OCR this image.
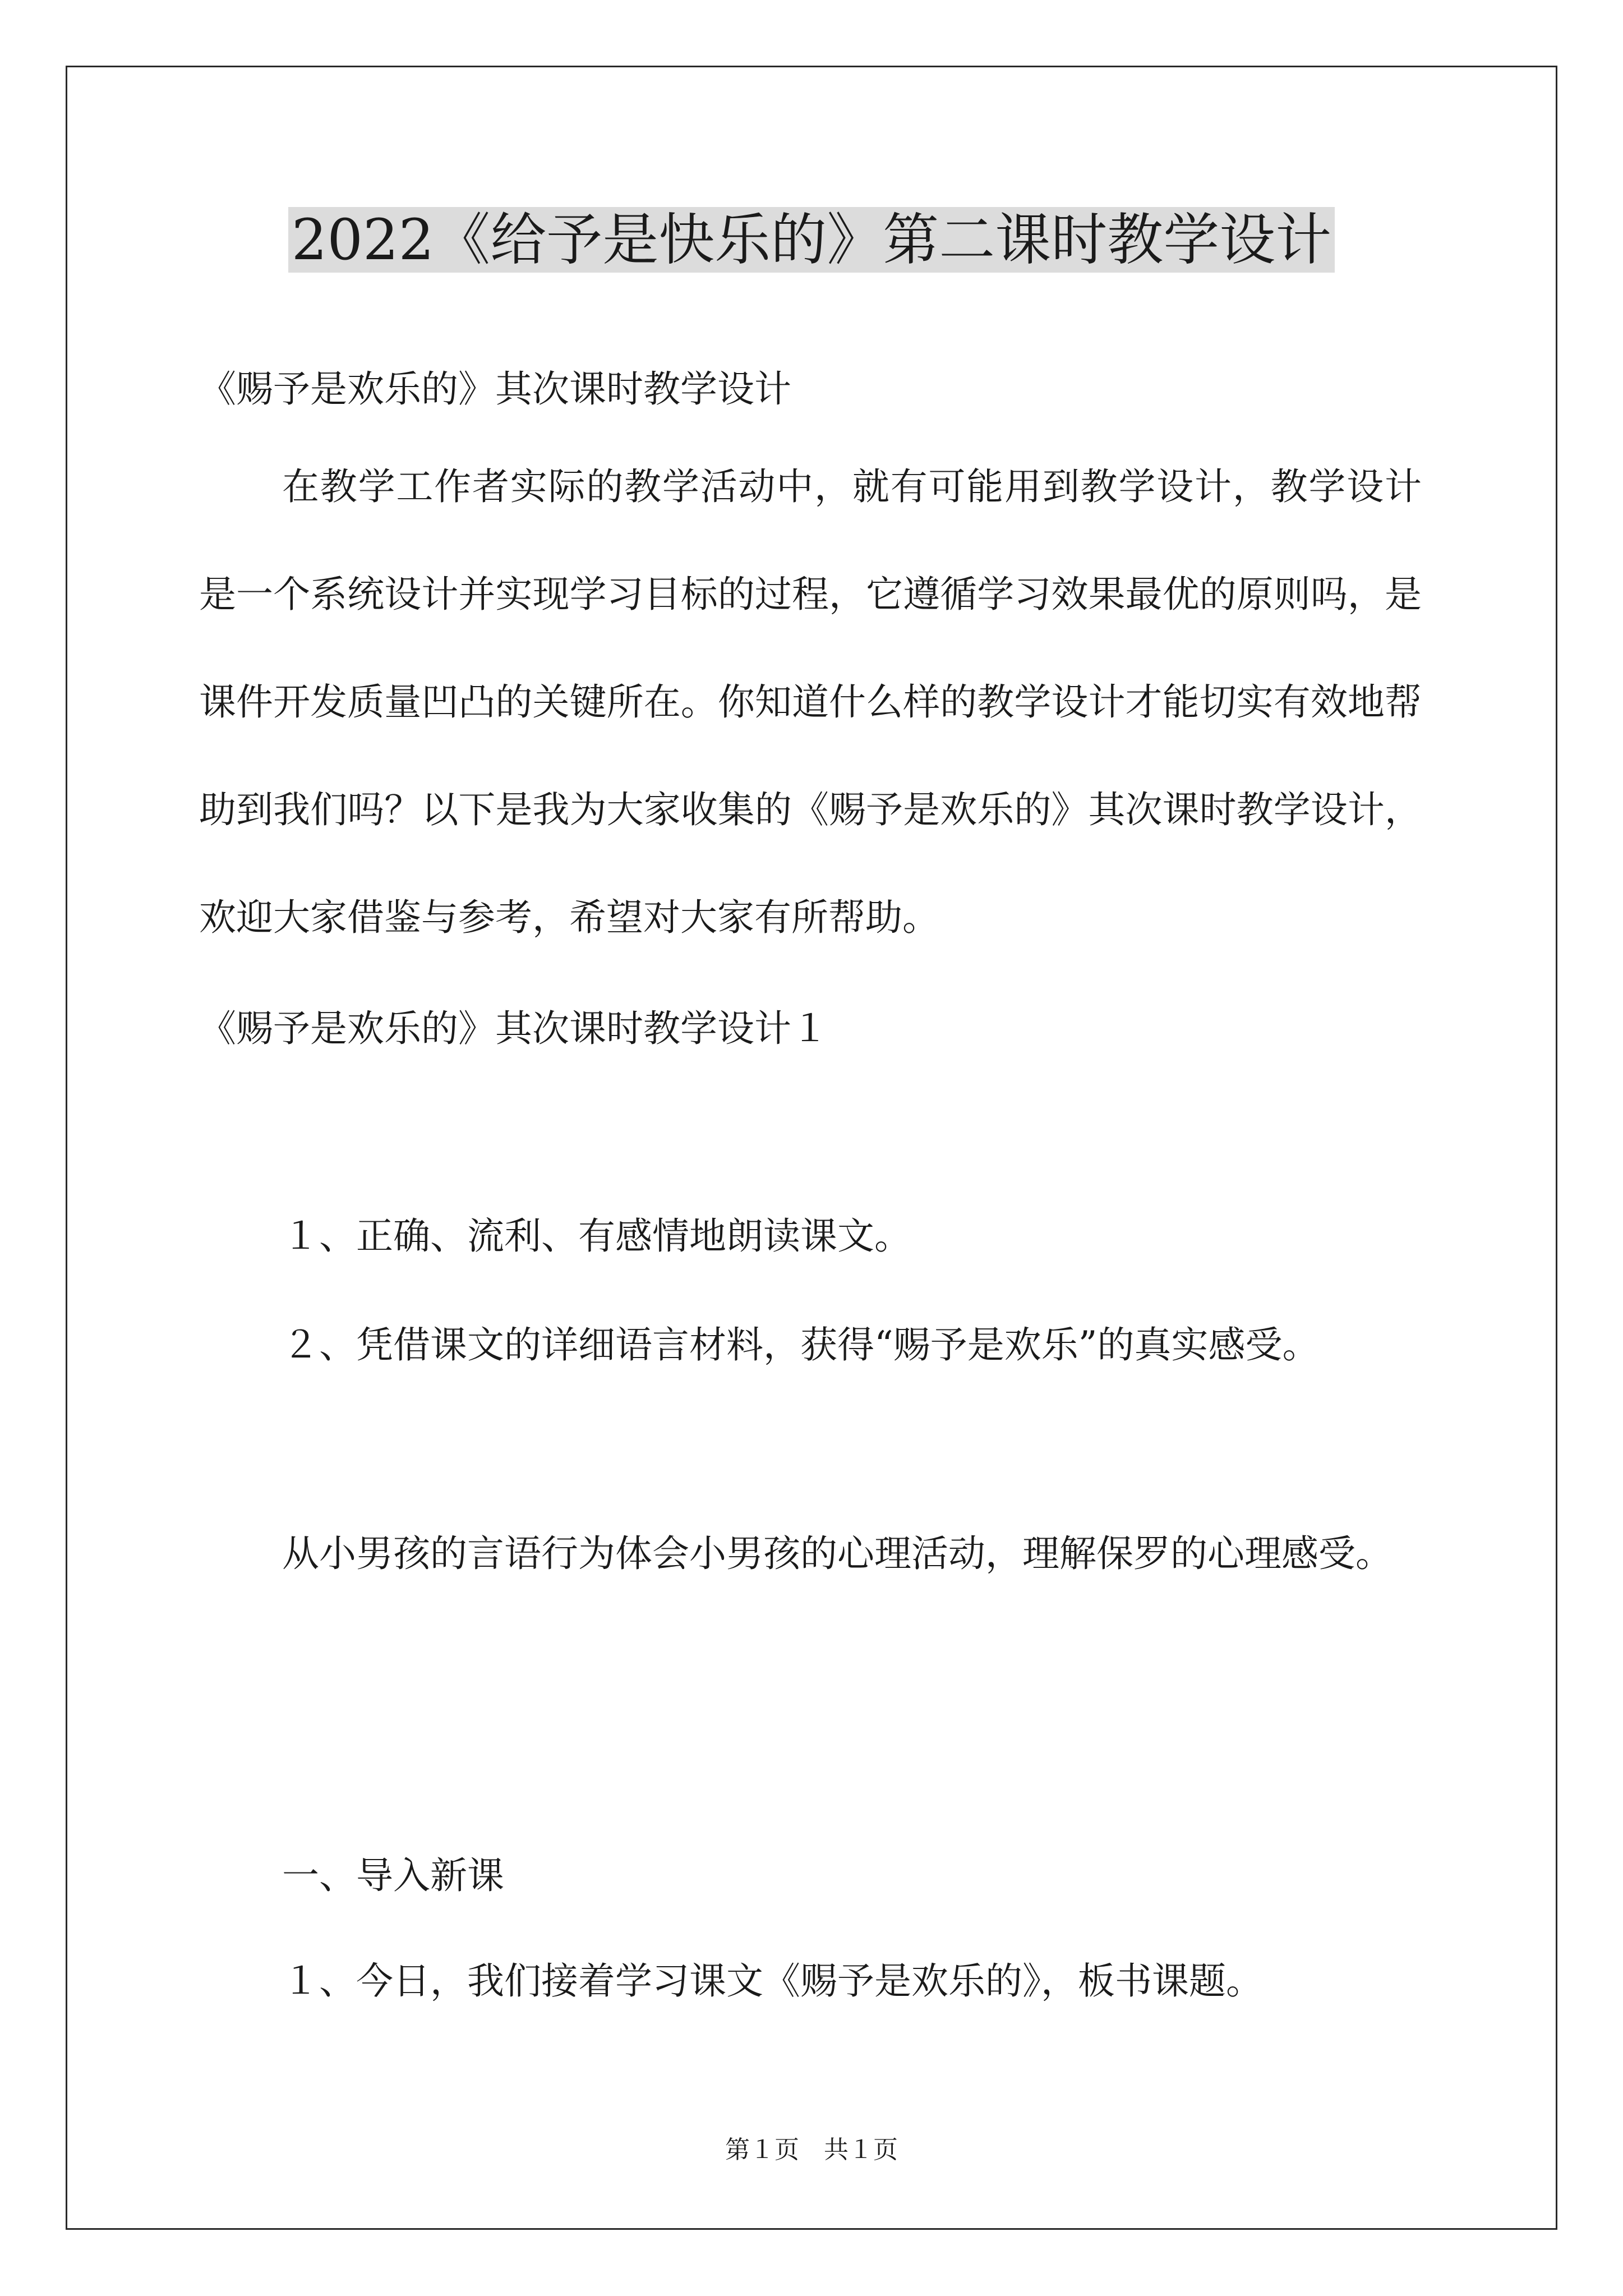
2022《给予是快乐的》第二课时教学设计
《赐予是欢乐的》其次课时教学设计
在教学工作者实际的教学活动中，就有可能用到教学设计，教学设计是一个系统设计并实现学习目标的过程，它遵循学习效果最优的原则吗，是课件开发质量凹凸的关键所在。你知道什么样的教学设计才能切实有效地帮助到我们吗？以下是我为大家收集的《赐予是欢乐的》其次课时教学设计，欢迎大家借鉴与参考，希望对大家有所帮助。
《赐予是欢乐的》其次课时教学设计１
１、正确、流利、有感情地朗读课文。
２、凭借课文的详细语言材料，获得“赐予是欢乐”的真实感受。
从小男孩的言语行为体会小男孩的心理活动，理解保罗的心理感受。
一、导入新课
１、今日，我们接着学习课文《赐予是欢乐的》，板书课题。
第１页　共１页
